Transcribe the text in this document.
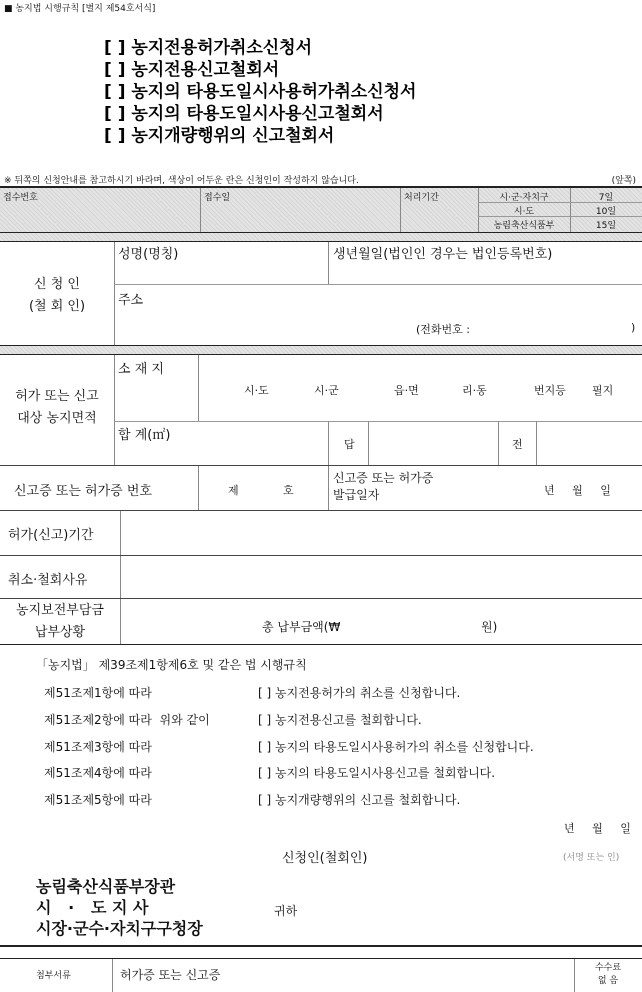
■ 농지법 시행규칙 [별지 제54호서식]
[ ] 농지전용허가취소신청서
[ ] 농지전용신고철회서
[ ] 농지의 타용도일시사용허가취소신청서
[ ] 농지의 타용도일시사용신고철회서
[ ] 농지개량행위의 신고철회서
※ 뒤쪽의 신청안내를 참고하시기 바라며, 색상이 어두운 란은 신청인이 작성하지 않습니다.	(앞쪽)
접수번호	접수일	처리기간	시·군·자치구	7일
시·도	10일
농림축산식품부	15일
신 청 인
(철 회 인)
성명(명칭)	생년월일(법인인 경우는 법인등록번호)
주소
(전화번호 :	)
허가 또는 신고
대상 농지면적
소 재 지
시·도	시·군	읍·면	리·동	번지등 필지
합 계(㎡)
답	전
신고증 또는 허가증 번호	제	호
신고증 또는 허가증
발급일자	년     월     일
허가(신고)기간
취소·철회사유
농지보전부담금
납부상황	총 납부금액(₩	원)
「농지법」 제39조제1항제6호 및 같은 법 시행규칙
제51조제1항에 따라	[ ] 농지전용허가의 취소를 신청합니다.
제51조제2항에 따라  위와 같이	[ ] 농지전용신고를 철회합니다.
제51조제3항에 따라	[ ] 농지의 타용도일시사용허가의 취소를 신청합니다.
제51조제4항에 따라	[ ] 농지의 타용도일시사용신고를 철회합니다.
제51조제5항에 따라	[ ] 농지개량행위의 신고를 철회합니다.
년     월     일
신청인(철회인)	(서명 또는 인)
농림축산식품부장관
시   ·   도 지 사
시장·군수·자치구구청장
귀하
첨부서류	허가증 또는 신고증	수수료
없 음
